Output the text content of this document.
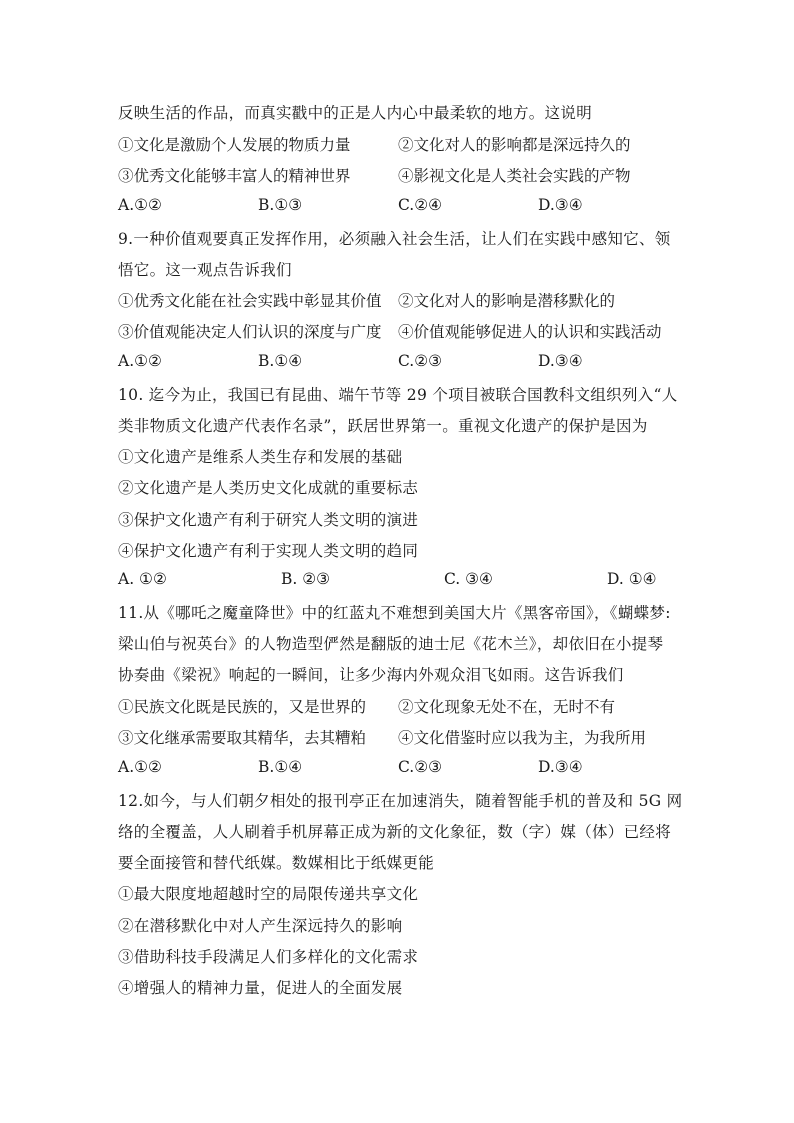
反映生活的作品，而真实戳中的正是人内心中最柔软的地方。这说明
①文化是激励个人发展的物质力量	②文化对人的影响都是深远持久的
③优秀文化能够丰富人的精神世界	④影视文化是人类社会实践的产物
A.①②	B.①③	C.②④	D.③④
9.一种价值观要真正发挥作用，必须融入社会生活，让人们在实践中感知它、领
悟它。这一观点告诉我们
①优秀文化能在社会实践中彰显其价值 ②文化对人的影响是潜移默化的
③价值观能决定人们认识的深度与广度 ④价值观能够促进人的认识和实践活动
A.①②	B.①④	C.②③	D.③④
10. 迄今为止，我国已有昆曲、端午节等 29 个项目被联合国教科文组织列入“人
类非物质文化遗产代表作名录”，跃居世界第一。重视文化遗产的保护是因为
①文化遗产是维系人类生存和发展的基础
②文化遗产是人类历史文化成就的重要标志
③保护文化遗产有利于研究人类文明的演进
④保护文化遗产有利于实现人类文明的趋同
A. ①②	B. ②③	C. ③④	D. ①④
11.从《哪吒之魔童降世》中的红蓝丸不难想到美国大片《黑客帝国》，《蝴蝶梦:
梁山伯与祝英台》的人物造型俨然是翻版的迪士尼《花木兰》，却依旧在小提琴
协奏曲《梁祝》响起的一瞬间，让多少海内外观众泪飞如雨。这告诉我们
①民族文化既是民族的，又是世界的 ②文化现象无处不在，无时不有
③文化继承需要取其精华，去其糟粕 ④文化借鉴时应以我为主，为我所用
A.①②	B.①④	C.②③	D.③④
12.如今，与人们朝夕相处的报刊亭正在加速消失，随着智能手机的普及和 5G 网
络的全覆盖，人人刷着手机屏幕正成为新的文化象征，数（字）媒（体）已经将
要全面接管和替代纸媒。数媒相比于纸媒更能
①最大限度地超越时空的局限传递共享文化
②在潜移默化中对人产生深远持久的影响
③借助科技手段满足人们多样化的文化需求
④增强人的精神力量，促进人的全面发展
